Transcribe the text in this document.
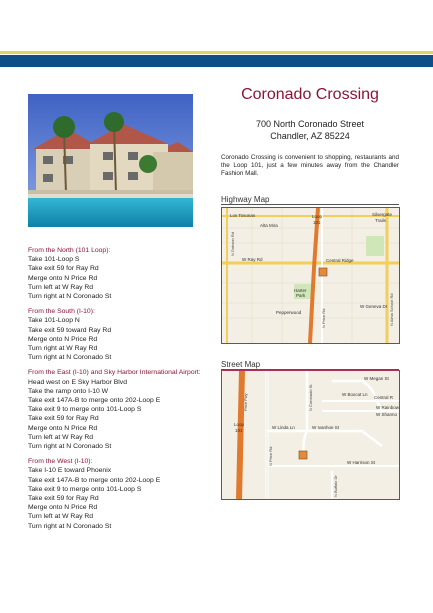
Coronado Crossing
700 North Coronado Street
Chandler, AZ 85224
Coronado Crossing is convenient to shopping, restaurants and the Loop 101, just a few minutes away from the Chandler Fashion Mall.
Highway Map
Los Tosonas
Alta Mira
Silvergate
Trails
Central Ridge
W Ray Rd
Harter
Park
Pepperwood
Loop
101
W Geneva Dr
N Price Rd	N Alma School Rd
N Dobson Rd
Street Map
Loop
101
W Megan St
Central R
W Rainbow
W Shanno
W Ivanhoe St
W Linda Ln
W Harrison St
W Boxcat Ln
Price Fwy
N Price Rd
N Coronado St
N Buffalo Dr
From the North (101 Loop):
Take 101-Loop S
Take exit 59 for Ray Rd
Merge onto N Price Rd
Turn left at W Ray Rd
Turn right at N Coronado St
From the South (I-10):
Take 101-Loop N
Take exit 59 toward Ray Rd
Merge onto N Price Rd
Turn right at W Ray Rd
Turn right at N Coronado St
From the East (I-10) and Sky Harbor International Airport:
Head west on E Sky Harbor Blvd
Take the ramp onto I-10 W
Take exit 147A-B to merge onto 202-Loop E
Take exit 9 to merge onto 101-Loop S
Take exit 59 for Ray Rd
Merge onto N Price Rd
Turn left at W Ray Rd
Turn right at N Coronado St
From the West (I-10):
Take I-10 E toward Phoenix
Take exit 147A-B to merge onto 202-Loop E
Take exit 9 to merge onto 101-Loop S
Take exit 59 for Ray Rd
Merge onto N Price Rd
Turn left at W Ray Rd
Turn right at N Coronado St
